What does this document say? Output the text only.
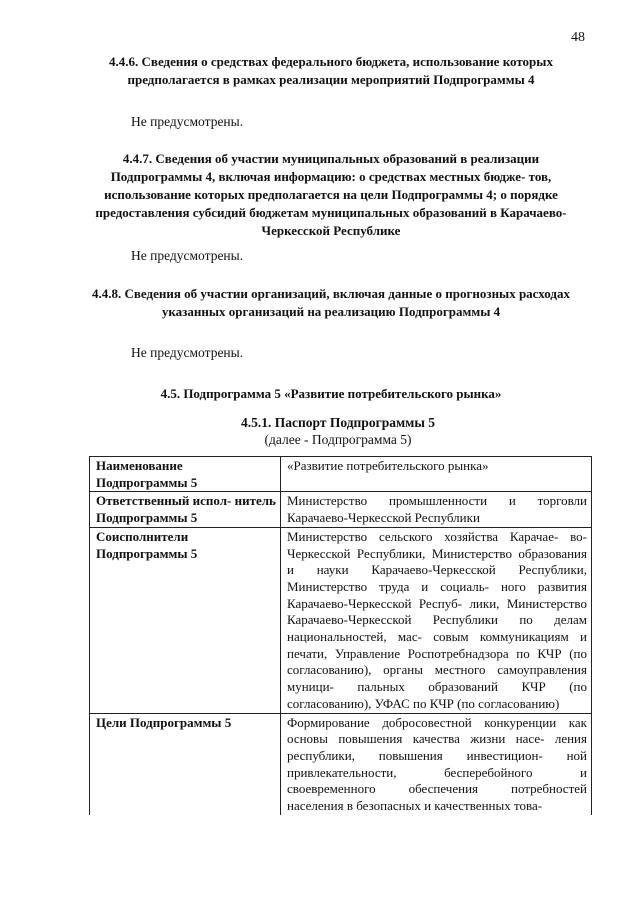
48
4.4.6. Сведения о средствах федерального бюджета, использование которых предполагается в рамках реализации мероприятий Подпрограммы 4
Не предусмотрены.
4.4.7. Сведения об участии муниципальных образований в реализации Подпрограммы 4, включая информацию: о средствах местных бюдже- тов, использование которых предполагается на цели Подпрограммы 4; о порядке предоставления субсидий бюджетам муниципальных образований в Карачаево-Черкесской Республике
Не предусмотрены.
4.4.8. Сведения об участии организаций, включая данные о прогнозных расходах указанных организаций на реализацию Подпрограммы 4
Не предусмотрены.
4.5. Подпрограмма 5 «Развитие потребительского рынка»
4.5.1. Паспорт Подпрограммы 5
(далее - Подпрограмма 5)
Наименование Подпрограммы 5	«Развитие потребительского рынка»
Ответственный испол- нитель Подпрограммы 5	Министерство промышленности и торговли Карачаево-Черкесской Республики
Соисполнители Подпрограммы 5	Министерство сельского хозяйства Карачае- во-Черкесской Республики, Министерство образования и науки Карачаево-Черкесской Республики, Министерство труда и социаль- ного развития Карачаево-Черкесской Респуб- лики, Министерство Карачаево-Черкесской Республики по делам национальностей, мас- совым коммуникациям и печати, Управление Роспотребнадзора по КЧР (по согласованию), органы местного самоуправления муници- пальных образований КЧР (по согласованию), УФАС по КЧР (по согласованию)
Цели Подпрограммы 5	Формирование добросовестной конкуренции как основы повышения качества жизни насе- ления республики, повышения инвестицион- ной привлекательности, бесперебойного и своевременного обеспечения потребностей населения в безопасных и качественных това-
